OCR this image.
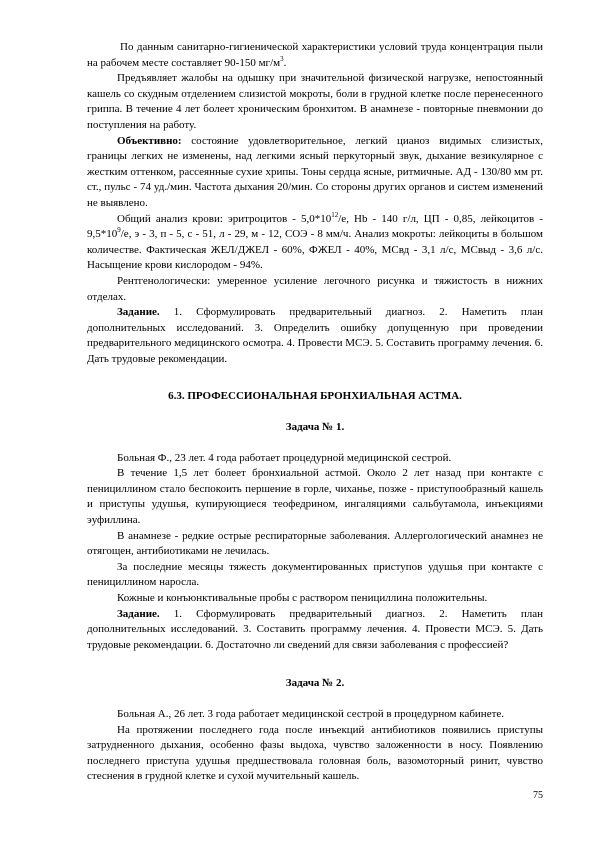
По данным санитарно-гигиенической характеристики условий труда концентрация пыли на рабочем месте составляет 90-150 $мг/м^3$.

Предъявляет жалобы на одышку при значительной физической нагрузке, непостоянный кашель со скудным отделением слизистой мокроты, боли в грудной клетке после перенесенного гриппа. В течение 4 лет болеет хроническим бронхитом. В анамнезе - повторные пневмонии до поступления на работу.

Объективно: состояние удовлетворительное, легкий цианоз видимых слизистых, границы легких не изменены, над легкими ясный перкуторный звук, дыхание везикулярное с жестким оттенком, рассеянные сухие хрипы. Тоны сердца ясные, ритмичные. АД - 130/80 мм рт. ст., пульс - 74 уд./мин. Частота дыхания 20/мин. Со стороны других органов и систем изменений не выявлено.

Общий анализ крови: эритроцитов - $5,0*10^{12}/е$, Hb - 140 г/л, ЦП - 0,85, лейкоцитов - $9,5*10^9/е$, э - 3, п - 5, с - 51, л - 29, м - 12, СОЭ - 8 мм/ч. Анализ мокроты: лейкоциты в большом количестве. Фактическая ЖЕЛ/ДЖЕЛ - 60%, ФЖЕЛ - 40%, МСвд - 3,1 л/с, МСвыд - 3,6 л/с. Насыщение крови кислородом - 94%.

Рентгенологически: умеренное усиление легочного рисунка и тяжистость в нижних отделах.

Задание. 1. Сформулировать предварительный диагноз. 2. Наметить план дополнительных исследований. 3. Определить ошибку допущенную при проведении предварительного медицинского осмотра. 4. Провести МСЭ. 5. Составить программу лечения. 6. Дать трудовые рекомендации.

6.3. ПРОФЕССИОНАЛЬНАЯ БРОНХИАЛЬНАЯ АСТМА.

Задача № 1.

Больная Ф., 23 лет. 4 года работает процедурной медицинской сестрой.

В течение 1,5 лет болеет бронхиальной астмой. Около 2 лет назад при контакте с пенициллином стало беспокоить першение в горле, чиханье, позже - приступообразный кашель и приступы удушья, купирующиеся теофедрином, ингаляциями сальбутамола, инъекциями эуфиллина.

В анамнезе - редкие острые респираторные заболевания. Аллергологический анамнез не отягощен, антибиотиками не лечилась.

За последние месяцы тяжесть документированных приступов удушья при контакте с пенициллином наросла.

Кожные и конъюнктивальные пробы с раствором пенициллина положительны.

Задание. 1. Сформулировать предварительный диагноз. 2. Наметить план дополнительных исследований. 3. Составить программу лечения. 4. Провести МСЭ. 5. Дать трудовые рекомендации. 6. Достаточно ли сведений для связи заболевания с профессией?

Задача № 2.

Больная А., 26 лет. 3 года работает медицинской сестрой в процедурном кабинете.

На протяжении последнего года после инъекций антибиотиков появились приступы затрудненного дыхания, особенно фазы выдоха, чувство заложенности в носу. Появлению последнего приступа удушья предшествовала головная боль, вазомоторный ринит, чувство стеснения в грудной клетке и сухой мучительный кашель.

75
